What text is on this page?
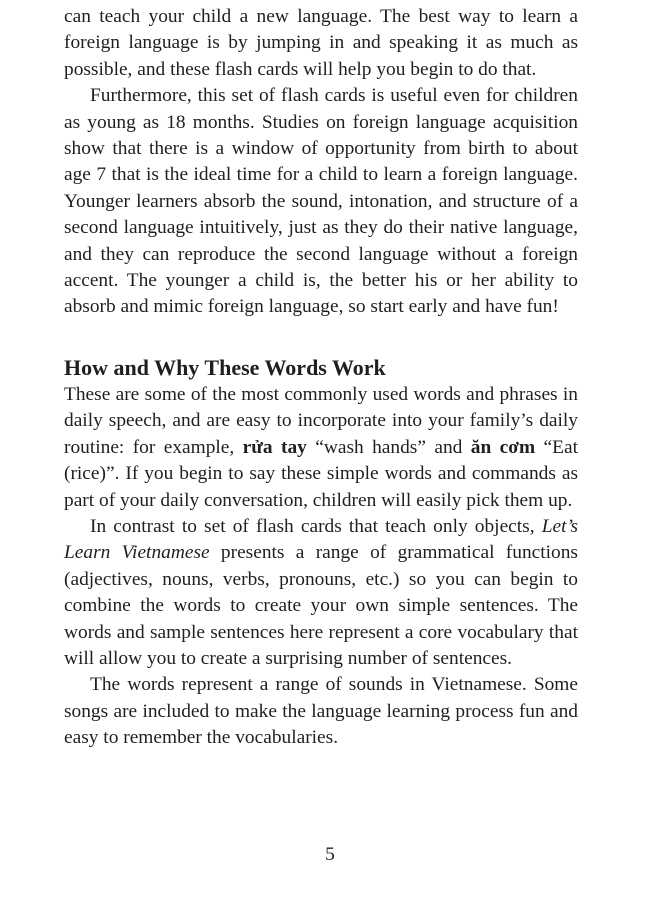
can teach your child a new language. The best way to learn a foreign language is by jumping in and speaking it as much as possible, and these flash cards will help you begin to do that.

Furthermore, this set of flash cards is useful even for children as young as 18 months. Studies on foreign language acquisition show that there is a window of opportunity from birth to about age 7 that is the ideal time for a child to learn a foreign language. Younger learners absorb the sound, intonation, and structure of a second language intuitively, just as they do their native language, and they can reproduce the second language without a foreign accent. The younger a child is, the better his or her ability to absorb and mimic foreign language, so start early and have fun!

How and Why These Words Work

These are some of the most commonly used words and phrases in daily speech, and are easy to incorporate into your family’s daily routine: for example, rửa tay “wash hands” and ăn cơm “Eat (rice)”. If you begin to say these simple words and commands as part of your daily conversation, children will easily pick them up.

In contrast to set of flash cards that teach only objects, Let’s Learn Vietnamese presents a range of grammatical functions (adjectives, nouns, verbs, pronouns, etc.) so you can begin to combine the words to create your own simple sentences. The words and sample sentences here represent a core vocabulary that will allow you to create a surprising number of sentences.

The words represent a range of sounds in Vietnamese. Some songs are included to make the language learning process fun and easy to remember the vocabularies.

5
